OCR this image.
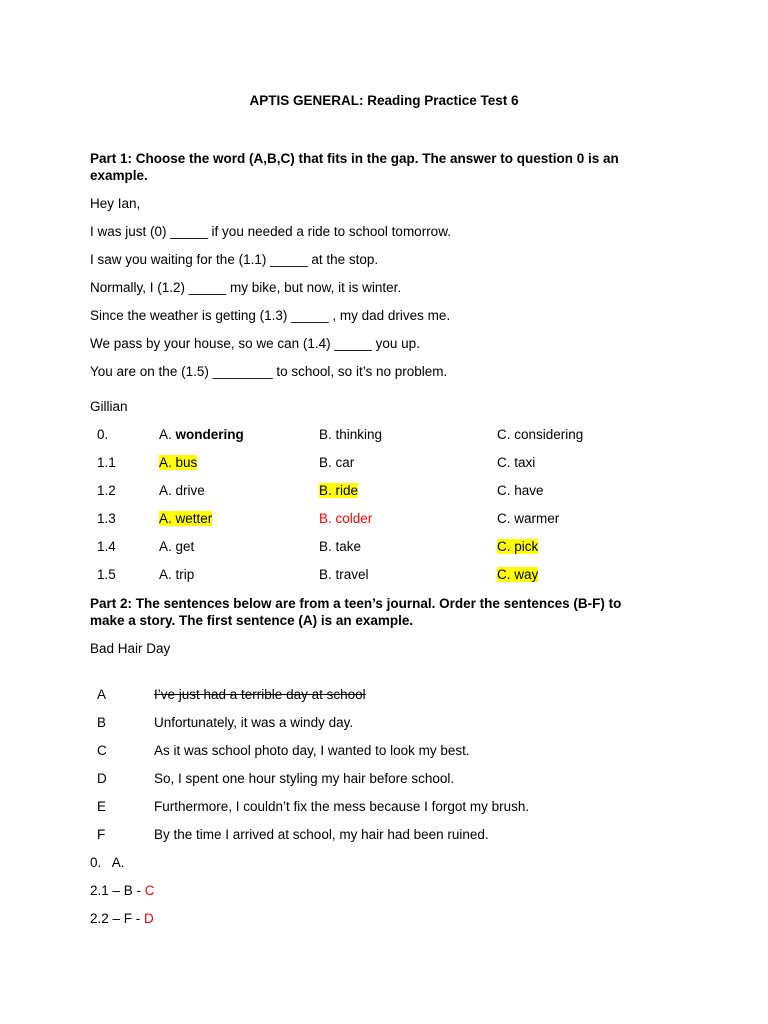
APTIS GENERAL: Reading Practice Test 6
Part 1: Choose the word (A,B,C) that fits in the gap. The answer to question 0 is an example.
Hey Ian,
I was just (0) _____ if you needed a ride to school tomorrow.
I saw you waiting for the (1.1) _____ at the stop.
Normally, I (1.2) _____ my bike, but now, it is winter.
Since the weather is getting (1.3) _____ , my dad drives me.
We pass by your house, so we can (1.4) _____ you up.
You are on the (1.5) ________ to school, so it’s no problem.
Gillian
0.	A. wondering	B. thinking	C. considering
1.1	A. bus	B. car	C. taxi
1.2	A. drive	B. ride	C. have
1.3	A. wetter	B. colder	C. warmer
1.4	A. get	B. take	C. pick
1.5	A. trip	B. travel	C. way
Part 2: The sentences below are from a teen’s journal. Order the sentences (B-F) to make a story. The first sentence (A) is an example.
Bad Hair Day
A	I’ve just had a terrible day at school
B	Unfortunately, it was a windy day.
C	As it was school photo day, I wanted to look my best.
D	So, I spent one hour styling my hair before school.
E	Furthermore, I couldn’t fix the mess because I forgot my brush.
F	By the time I arrived at school, my hair had been ruined.
0.   A.
2.1 – B - C
2.2 – F - D
